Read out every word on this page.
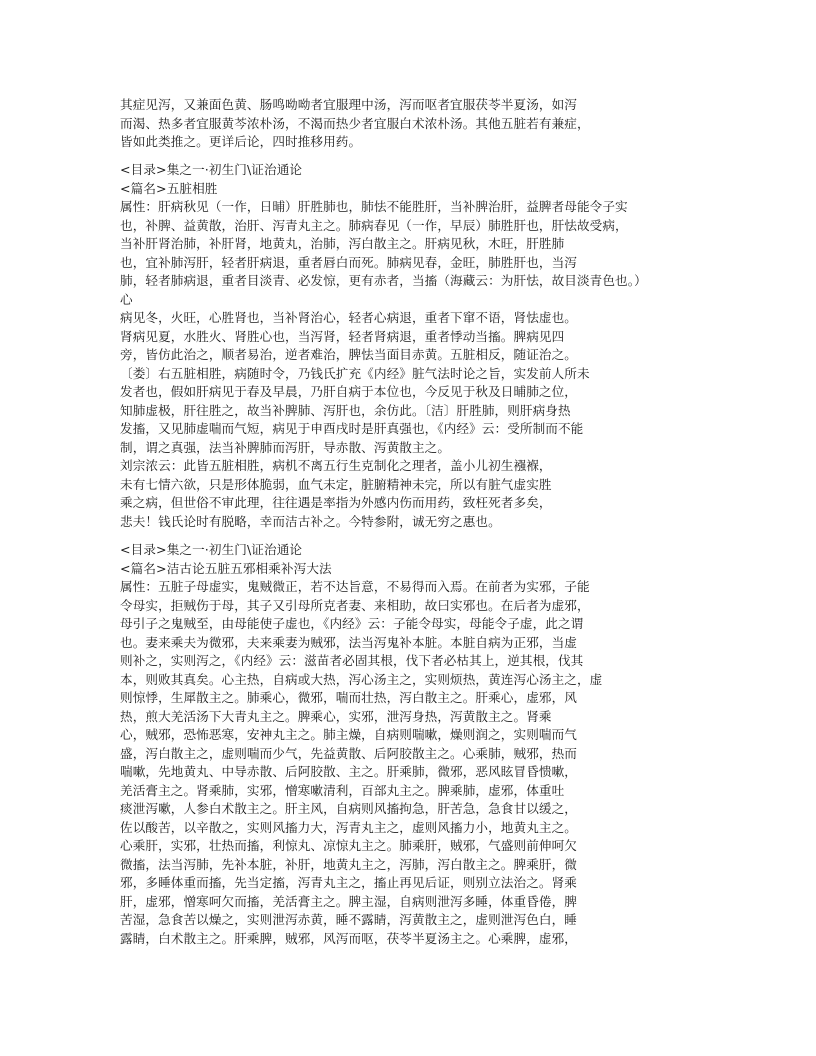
其症见泻，又兼面色黄、肠鸣呦呦者宜服理中汤，泻而呕者宜服茯苓半夏汤，如泻
而渴、热多者宜服黄芩浓朴汤，不渴而热少者宜服白术浓朴汤。其他五脏若有兼症，
皆如此类推之。更详后论，四时推移用药。
<目录>集之一·初生门\证治通论
<篇名>五脏相胜
属性：肝病秋见（一作，日晡）肝胜肺也，肺怯不能胜肝，当补脾治肝，益脾者母能令子实
也，补脾、益黄散，治肝、泻青丸主之。肺病春见（一作，早辰）肺胜肝也，肝怯故受病，
当补肝肾治肺，补肝肾，地黄丸，治肺，泻白散主之。肝病见秋，木旺，肝胜肺
也，宜补肺泻肝，轻者肝病退，重者唇白而死。肺病见春，金旺，肺胜肝也，当泻
肺，轻者肺病退，重者目淡青、必发惊，更有赤者，当搐（海藏云：为肝怯，故目淡青色也。）
心
病见冬，火旺，心胜肾也，当补肾治心，轻者心病退，重者下窜不语，肾怯虚也。
肾病见夏，水胜火、肾胜心也，当泻肾，轻者肾病退，重者悸动当搐。脾病见四
旁，皆仿此治之，顺者易治，逆者难治，脾怯当面目赤黄。五脏相反，随证治之。
〔娄〕右五脏相胜，病随时令，乃钱氏扩充《内经》脏气法时论之旨，实发前人所未
发者也，假如肝病见于春及早晨，乃肝自病于本位也，今反见于秋及日晡肺之位，
知肺虚极，肝往胜之，故当补脾肺、泻肝也，余仿此。〔洁〕肝胜肺，则肝病身热
发搐，又见肺虚喘而气短，病见于申酉戌时是肝真强也，《内经》云：受所制而不能
制，谓之真强，法当补脾肺而泻肝，导赤散、泻黄散主之。
刘宗浓云：此皆五脏相胜，病机不离五行生克制化之理者，盖小儿初生襁褓，
未有七情六欲，只是形体脆弱，血气未定，脏腑精神未完，所以有脏气虚实胜
乘之病，但世俗不审此理，往往遇是率指为外感内伤而用药，致枉死者多矣，
悲夫！钱氏论时有脱略，幸而洁古补之。今特参附，诚无穷之惠也。
<目录>集之一·初生门\证治通论
<篇名>洁古论五脏五邪相乘补泻大法
属性：五脏子母虚实，鬼贼微正，若不达旨意，不易得而入焉。在前者为实邪，子能
令母实，拒贼伤于母，其子又引母所克者妻、来相助，故曰实邪也。在后者为虚邪，
母引子之鬼贼至，由母能使子虚也，《内经》云：子能令母实，母能令子虚，此之谓
也。妻来乘夫为微邪，夫来乘妻为贼邪，法当泻鬼补本脏。本脏自病为正邪，当虚
则补之，实则泻之，《内经》云：滋苗者必固其根，伐下者必枯其上，逆其根，伐其
本，则败其真矣。心主热，自病或大热，泻心汤主之，实则烦热，黄连泻心汤主之，虚
则惊悸，生犀散主之。肺乘心，微邪，喘而壮热，泻白散主之。肝乘心，虚邪，风
热，煎大羌活汤下大青丸主之。脾乘心，实邪，泄泻身热，泻黄散主之。肾乘
心，贼邪，恐怖恶寒，安神丸主之。肺主燥，自病则喘嗽，燥则润之，实则喘而气
盛，泻白散主之，虚则喘而少气，先益黄散、后阿胶散主之。心乘肺，贼邪，热而
喘嗽，先地黄丸、中导赤散、后阿胶散、主之。肝乘肺，微邪，恶风眩冒昏愦嗽，
羌活膏主之。肾乘肺，实邪，憎寒嗽清利，百部丸主之。脾乘肺，虚邪，体重吐
痰泄泻嗽，人参白术散主之。肝主风，自病则风搐拘急，肝苦急，急食甘以缓之，
佐以酸苦，以辛散之，实则风搐力大，泻青丸主之，虚则风搐力小，地黄丸主之。
心乘肝，实邪，壮热而搐，利惊丸、凉惊丸主之。肺乘肝，贼邪，气盛则前伸呵欠
微搐，法当泻肺，先补本脏，补肝，地黄丸主之，泻肺，泻白散主之。脾乘肝，微
邪，多睡体重而搐，先当定搐，泻青丸主之，搐止再见后证，则别立法治之。肾乘
肝，虚邪，憎寒呵欠而搐，羌活膏主之。脾主湿，自病则泄泻多睡，体重昏倦，脾
苦湿，急食苦以燥之，实则泄泻赤黄，睡不露睛，泻黄散主之，虚则泄泻色白，睡
露睛，白术散主之。肝乘脾，贼邪，风泻而呕，茯苓半夏汤主之。心乘脾，虚邪，
